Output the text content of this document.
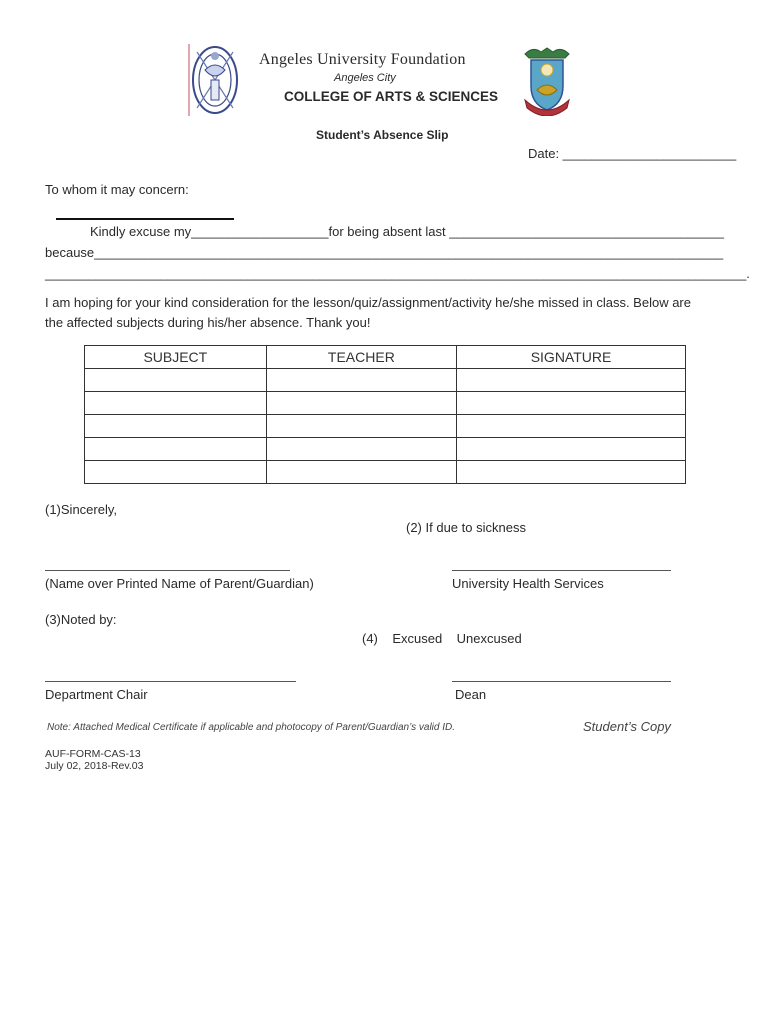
Angeles University Foundation
Angeles City
COLLEGE OF ARTS & SCIENCES
Student’s Absence Slip
Date: ________________________
To whom it may concern:
Kindly excuse my___________________for being absent last ______________________________________
because_______________________________________________________________________________________
_________________________________________________________________________________________________.
I am hoping for your kind consideration for the lesson/quiz/assignment/activity he/she missed in class. Below are
the affected subjects during his/her absence. Thank you!
SUBJECT	TEACHER	SIGNATURE

(1)Sincerely,
(2) If due to sickness
(Name over Printed Name of Parent/Guardian)	University Health Services
(3)Noted by:
(4)    Excused    Unexcused
Department Chair	Dean
Note: Attached Medical Certificate if applicable and photocopy of Parent/Guardian’s valid ID.	Student’s Copy
AUF-FORM-CAS-13
July 02, 2018-Rev.03
